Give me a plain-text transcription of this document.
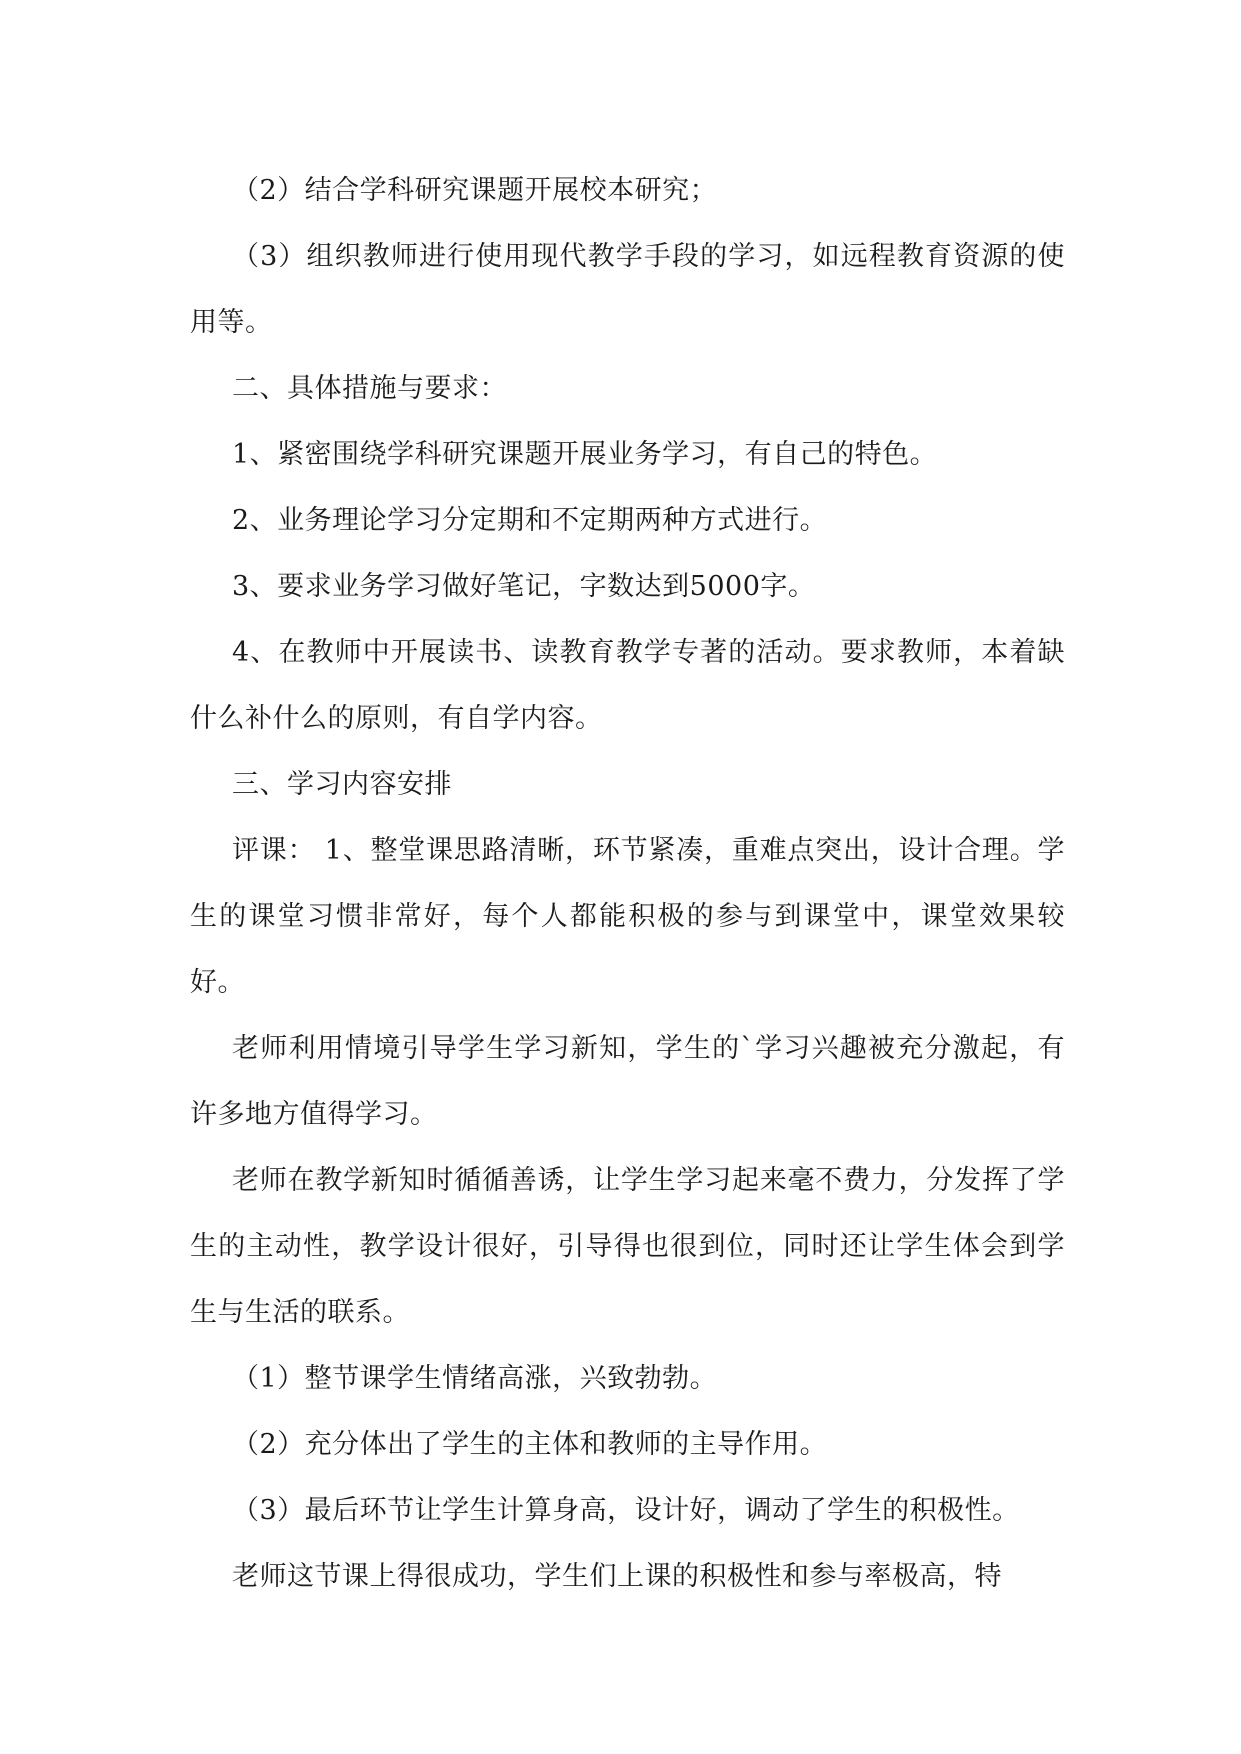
（2）结合学科研究课题开展校本研究；

（3）组织教师进行使用现代教学手段的学习，如远程教育资源的使用等。

二、具体措施与要求：

1、紧密围绕学科研究课题开展业务学习，有自己的特色。

2、业务理论学习分定期和不定期两种方式进行。

3、要求业务学习做好笔记，字数达到5000字。

4、在教师中开展读书、读教育教学专著的活动。要求教师，本着缺什么补什么的原则，有自学内容。

三、学习内容安排

评课： 1、整堂课思路清晰，环节紧凑，重难点突出，设计合理。学生的课堂习惯非常好，每个人都能积极的参与到课堂中，课堂效果较好。

老师利用情境引导学生学习新知，学生的`学习兴趣被充分激起，有许多地方值得学习。

老师在教学新知时循循善诱，让学生学习起来毫不费力，分发挥了学生的主动性，教学设计很好，引导得也很到位，同时还让学生体会到学生与生活的联系。

（1）整节课学生情绪高涨，兴致勃勃。

（2）充分体出了学生的主体和教师的主导作用。

（3）最后环节让学生计算身高，设计好，调动了学生的积极性。

老师这节课上得很成功，学生们上课的积极性和参与率极高，特
